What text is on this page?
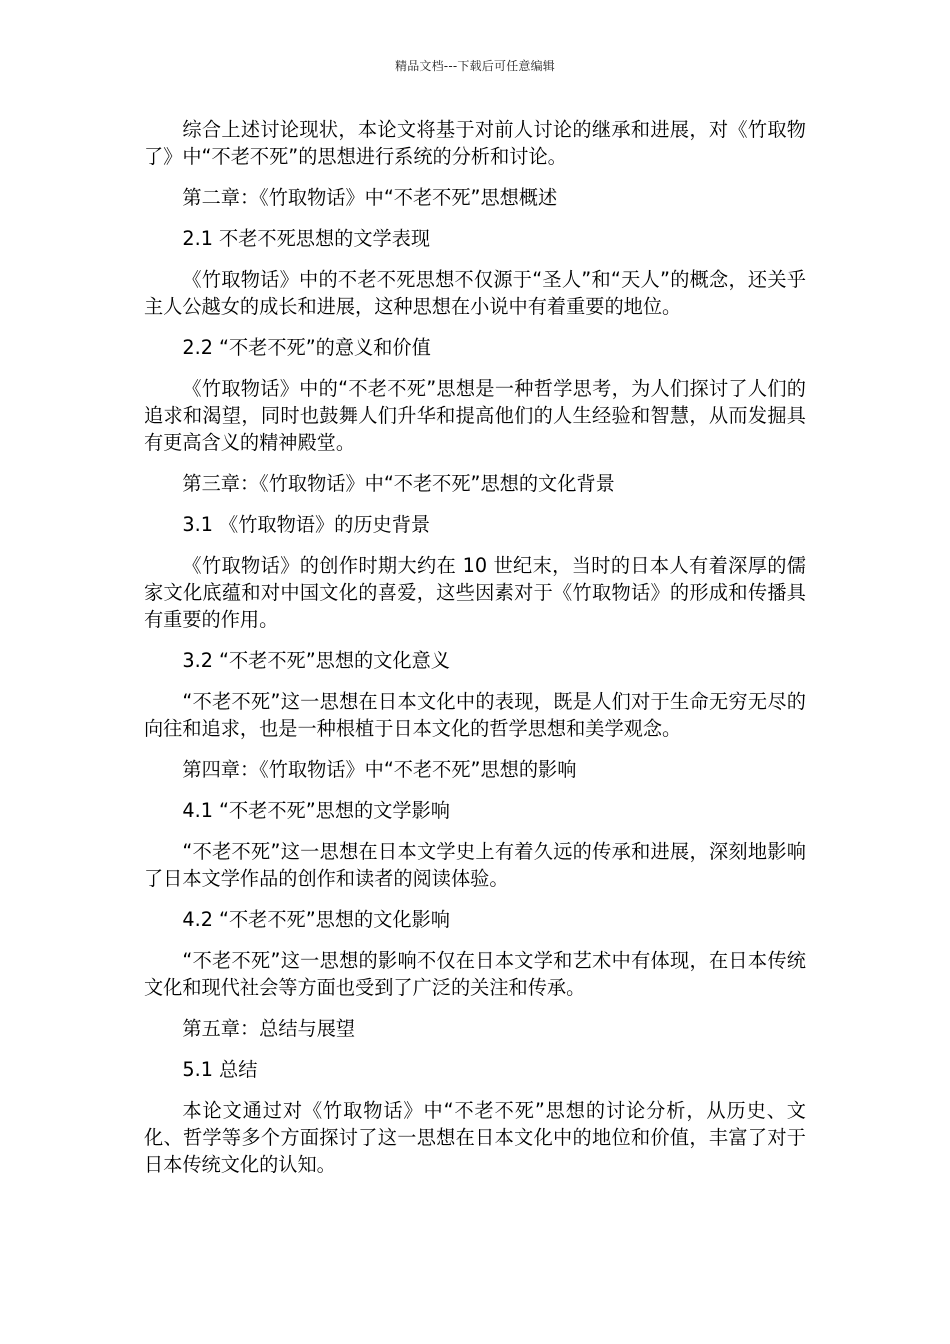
精品文档---下载后可任意编辑

综合上述讨论现状，本论文将基于对前人讨论的继承和进展，对《竹取物了》中“不老不死”的思想进行系统的分析和讨论。

第二章：《竹取物话》中“不老不死”思想概述

2.1 不老不死思想的文学表现

《竹取物话》中的不老不死思想不仅源于“圣人”和“天人”的概念，还关乎主人公越女的成长和进展，这种思想在小说中有着重要的地位。

2.2 “不老不死”的意义和价值

《竹取物话》中的“不老不死”思想是一种哲学思考，为人们探讨了人们的追求和渴望，同时也鼓舞人们升华和提高他们的人生经验和智慧，从而发掘具有更高含义的精神殿堂。

第三章：《竹取物话》中“不老不死”思想的文化背景

3.1 《竹取物语》的历史背景

《竹取物话》的创作时期大约在 10 世纪末，当时的日本人有着深厚的儒家文化底蕴和对中国文化的喜爱，这些因素对于《竹取物话》的形成和传播具有重要的作用。

3.2 “不老不死”思想的文化意义

“不老不死”这一思想在日本文化中的表现，既是人们对于生命无穷无尽的向往和追求，也是一种根植于日本文化的哲学思想和美学观念。

第四章：《竹取物话》中“不老不死”思想的影响

4.1 “不老不死”思想的文学影响

“不老不死”这一思想在日本文学史上有着久远的传承和进展，深刻地影响了日本文学作品的创作和读者的阅读体验。

4.2 “不老不死”思想的文化影响

“不老不死”这一思想的影响不仅在日本文学和艺术中有体现，在日本传统文化和现代社会等方面也受到了广泛的关注和传承。

第五章：总结与展望

5.1 总结

本论文通过对《竹取物话》中“不老不死”思想的讨论分析，从历史、文化、哲学等多个方面探讨了这一思想在日本文化中的地位和价值，丰富了对于日本传统文化的认知。
